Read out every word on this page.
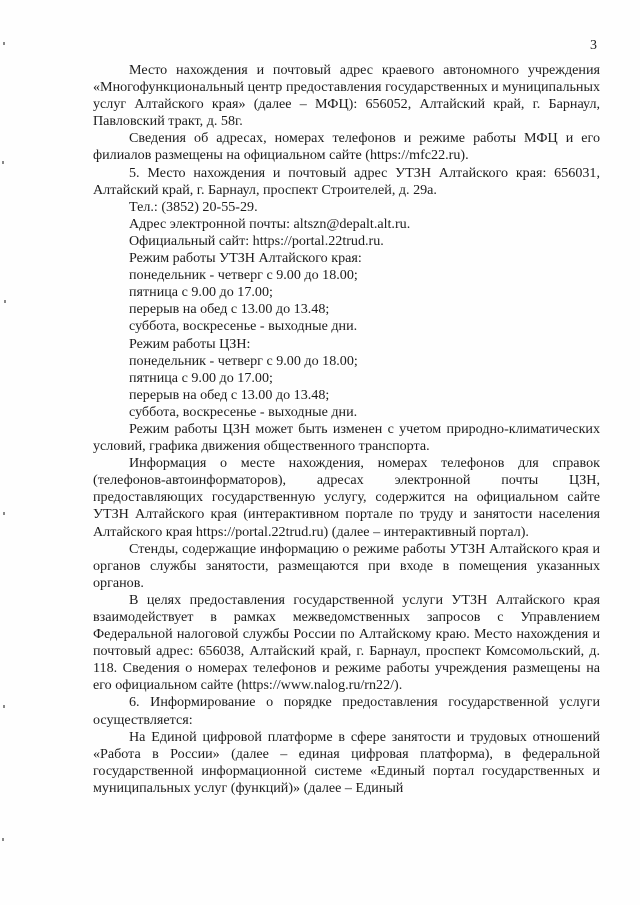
3

Место нахождения и почтовый адрес краевого автономного учреждения «Многофункциональный центр предоставления государственных и муниципальных услуг Алтайского края» (далее – МФЦ): 656052, Алтайский край, г. Барнаул, Павловский тракт, д. 58г.

Сведения об адресах, номерах телефонов и режиме работы МФЦ и его филиалов размещены на официальном сайте (https://mfc22.ru).

5. Место нахождения и почтовый адрес УТЗН Алтайского края: 656031, Алтайский край, г. Барнаул, проспект Строителей, д. 29а.

Тел.: (3852) 20-55-29.

Адрес электронной почты: altszn@depalt.alt.ru.

Официальный сайт: https://portal.22trud.ru.

Режим работы УТЗН Алтайского края:

понедельник - четверг с 9.00 до 18.00;

пятница с 9.00 до 17.00;

перерыв на обед с 13.00 до 13.48;

суббота, воскресенье - выходные дни.

Режим работы ЦЗН:

понедельник - четверг с 9.00 до 18.00;

пятница с 9.00 до 17.00;

перерыв на обед с 13.00 до 13.48;

суббота, воскресенье - выходные дни.

Режим работы ЦЗН может быть изменен с учетом природно-климатических условий, графика движения общественного транспорта.

Информация о месте нахождения, номерах телефонов для справок (телефонов-автоинформаторов), адресах электронной почты ЦЗН, предоставляющих государственную услугу, содержится на официальном сайте УТЗН Алтайского края (интерактивном портале по труду и занятости населения Алтайского края https://portal.22trud.ru) (далее – интерактивный портал).

Стенды, содержащие информацию о режиме работы УТЗН Алтайского края и органов службы занятости, размещаются при входе в помещения указанных органов.

В целях предоставления государственной услуги УТЗН Алтайского края взаимодействует в рамках межведомственных запросов с Управлением Федеральной налоговой службы России по Алтайскому краю. Место нахождения и почтовый адрес: 656038, Алтайский край, г. Барнаул, проспект Комсомольский, д. 118. Сведения о номерах телефонов и режиме работы учреждения размещены на его официальном сайте (https://www.nalog.ru/rn22/).

6. Информирование о порядке предоставления государственной услуги осуществляется:

На Единой цифровой платформе в сфере занятости и трудовых отношений «Работа в России» (далее – единая цифровая платформа), в федеральной государственной информационной системе «Единый портал государственных и муниципальных услуг (функций)» (далее – Единый
